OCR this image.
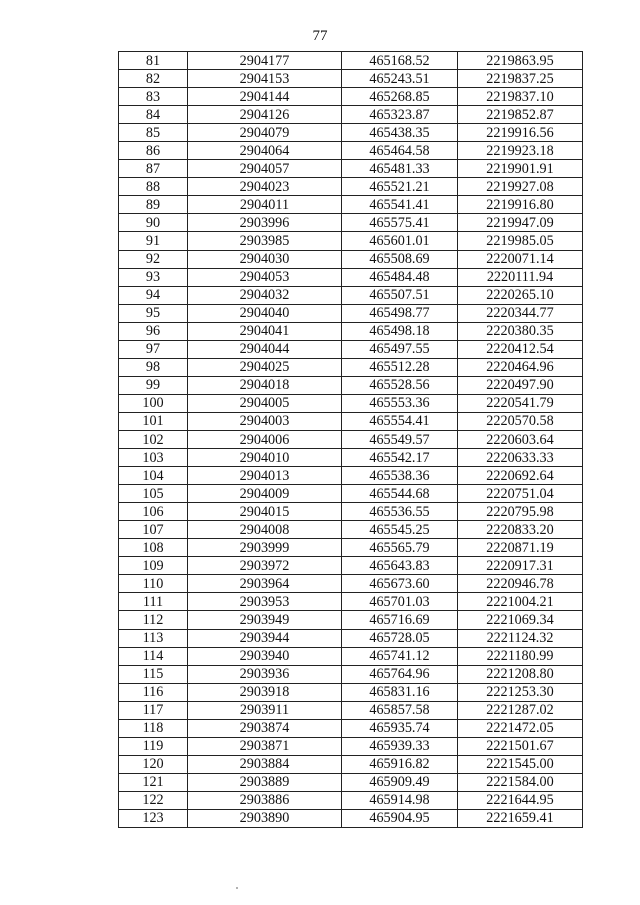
77
81	2904177	465168.52	2219863.95
82	2904153	465243.51	2219837.25
83	2904144	465268.85	2219837.10
84	2904126	465323.87	2219852.87
85	2904079	465438.35	2219916.56
86	2904064	465464.58	2219923.18
87	2904057	465481.33	2219901.91
88	2904023	465521.21	2219927.08
89	2904011	465541.41	2219916.80
90	2903996	465575.41	2219947.09
91	2903985	465601.01	2219985.05
92	2904030	465508.69	2220071.14
93	2904053	465484.48	2220111.94
94	2904032	465507.51	2220265.10
95	2904040	465498.77	2220344.77
96	2904041	465498.18	2220380.35
97	2904044	465497.55	2220412.54
98	2904025	465512.28	2220464.96
99	2904018	465528.56	2220497.90
100	2904005	465553.36	2220541.79
101	2904003	465554.41	2220570.58
102	2904006	465549.57	2220603.64
103	2904010	465542.17	2220633.33
104	2904013	465538.36	2220692.64
105	2904009	465544.68	2220751.04
106	2904015	465536.55	2220795.98
107	2904008	465545.25	2220833.20
108	2903999	465565.79	2220871.19
109	2903972	465643.83	2220917.31
110	2903964	465673.60	2220946.78
111	2903953	465701.03	2221004.21
112	2903949	465716.69	2221069.34
113	2903944	465728.05	2221124.32
114	2903940	465741.12	2221180.99
115	2903936	465764.96	2221208.80
116	2903918	465831.16	2221253.30
117	2903911	465857.58	2221287.02
118	2903874	465935.74	2221472.05
119	2903871	465939.33	2221501.67
120	2903884	465916.82	2221545.00
121	2903889	465909.49	2221584.00
122	2903886	465914.98	2221644.95
123	2903890	465904.95	2221659.41
